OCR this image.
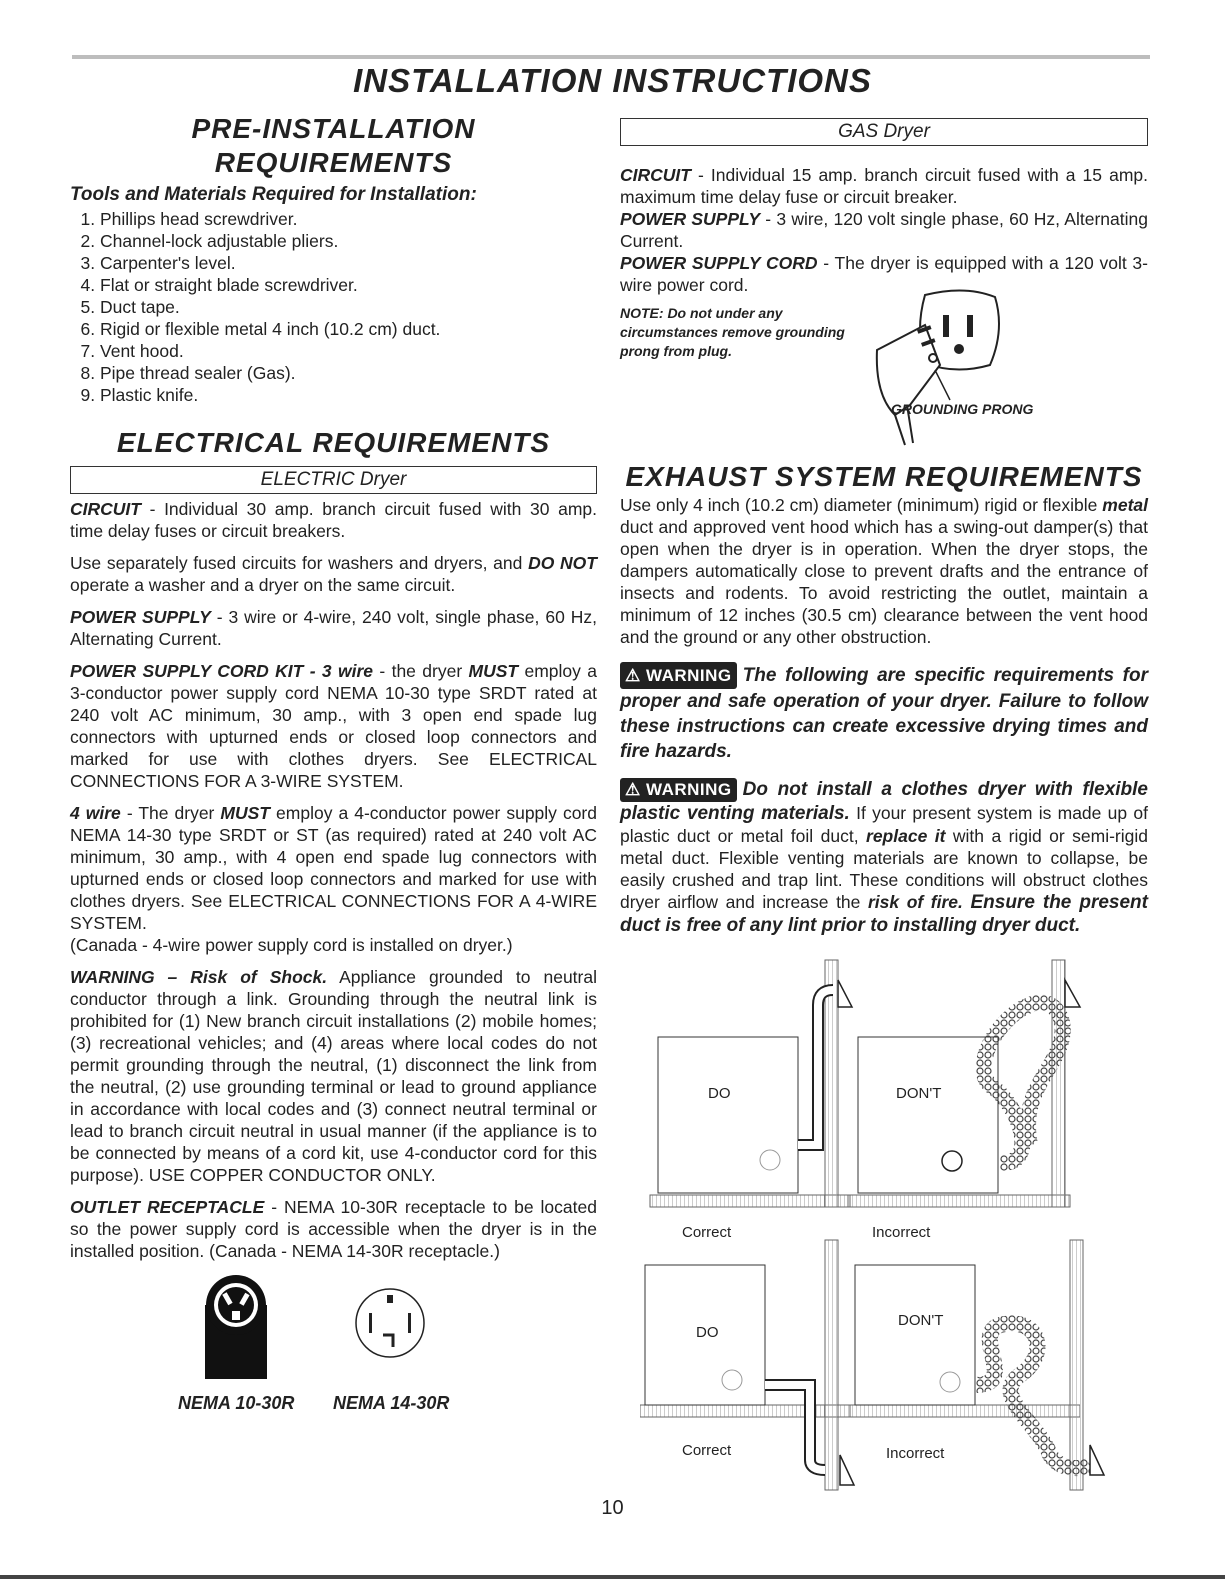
INSTALLATION INSTRUCTIONS
PRE-INSTALLATION REQUIREMENTS
Tools and Materials Required for Installation:
1. Phillips head screwdriver.
2. Channel-lock adjustable pliers.
3. Carpenter's level.
4. Flat or straight blade screwdriver.
5. Duct tape.
6. Rigid or flexible metal 4 inch (10.2 cm) duct.
7. Vent hood.
8. Pipe thread sealer (Gas).
9. Plastic knife.
ELECTRICAL REQUIREMENTS
ELECTRIC Dryer

CIRCUIT - Individual 30 amp. branch circuit fused with 30 amp. time delay fuses or circuit breakers.

Use separately fused circuits for washers and dryers, and DO NOT operate a washer and a dryer on the same circuit.

POWER SUPPLY - 3 wire or 4-wire, 240 volt, single phase, 60 Hz, Alternating Current.

POWER SUPPLY CORD KIT - 3 wire - the dryer MUST employ a 3-conductor power supply cord NEMA 10-30 type SRDT rated at 240 volt AC minimum, 30 amp., with 3 open end spade lug connectors with upturned ends or closed loop connectors and marked for use with clothes dryers. See ELECTRICAL CONNECTIONS FOR A 3-WIRE SYSTEM.

4 wire - The dryer MUST employ a 4-conductor power supply cord NEMA 14-30 type SRDT or ST (as required) rated at 240 volt AC minimum, 30 amp., with 4 open end spade lug connectors with upturned ends or closed loop connectors and marked for use with clothes dryers. See ELECTRICAL CONNECTIONS FOR A 4-WIRE SYSTEM.

(Canada - 4-wire power supply cord is installed on dryer.)

WARNING – Risk of Shock. Appliance grounded to neutral conductor through a link. Grounding through the neutral link is prohibited for (1) New branch circuit installations (2) mobile homes; (3) recreational vehicles; and (4) areas where local codes do not permit grounding through the neutral, (1) disconnect the link from the neutral, (2) use grounding terminal or lead to ground appliance in accordance with local codes and (3) connect neutral terminal or lead to branch circuit neutral in usual manner (if the appliance is to be connected by means of a cord kit, use 4-conductor cord for this purpose). USE COPPER CONDUCTOR ONLY.

OUTLET RECEPTACLE - NEMA 10-30R receptacle to be located so the power supply cord is accessible when the dryer is in the installed position. (Canada - NEMA 14-30R receptacle.)

NEMA 10-30R NEMA 14-30R
GAS Dryer

CIRCUIT - Individual 15 amp. branch circuit fused with a 15 amp. maximum time delay fuse or circuit breaker.

POWER SUPPLY - 3 wire, 120 volt single phase, 60 Hz, Alternating Current.

POWER SUPPLY CORD - The dryer is equipped with a 120 volt 3-wire power cord.

NOTE: Do not under any circumstances remove grounding prong from plug.
GROUNDING PRONG
EXHAUST SYSTEM REQUIREMENTS

Use only 4 inch (10.2 cm) diameter (minimum) rigid or flexible metal duct and approved vent hood which has a swing-out damper(s) that open when the dryer is in operation. When the dryer stops, the dampers automatically close to prevent drafts and the entrance of insects and rodents. To avoid restricting the outlet, maintain a minimum of 12 inches (30.5 cm) clearance between the vent hood and the ground or any other obstruction.

⚠ WARNING The following are specific requirements for proper and safe operation of your dryer. Failure to follow these instructions can create excessive drying times and fire hazards.

⚠ WARNING Do not install a clothes dryer with flexible plastic venting materials. If your present system is made up of plastic duct or metal foil duct, replace it with a rigid or semi-rigid metal duct. Flexible venting materials are known to collapse, be easily crushed and trap lint. These conditions will obstruct clothes dryer airflow and increase the risk of fire. Ensure the present duct is free of any lint prior to installing dryer duct.

DO	DON'T
Correct	Incorrect
DO
DON'T
Correct	Incorrect
10
